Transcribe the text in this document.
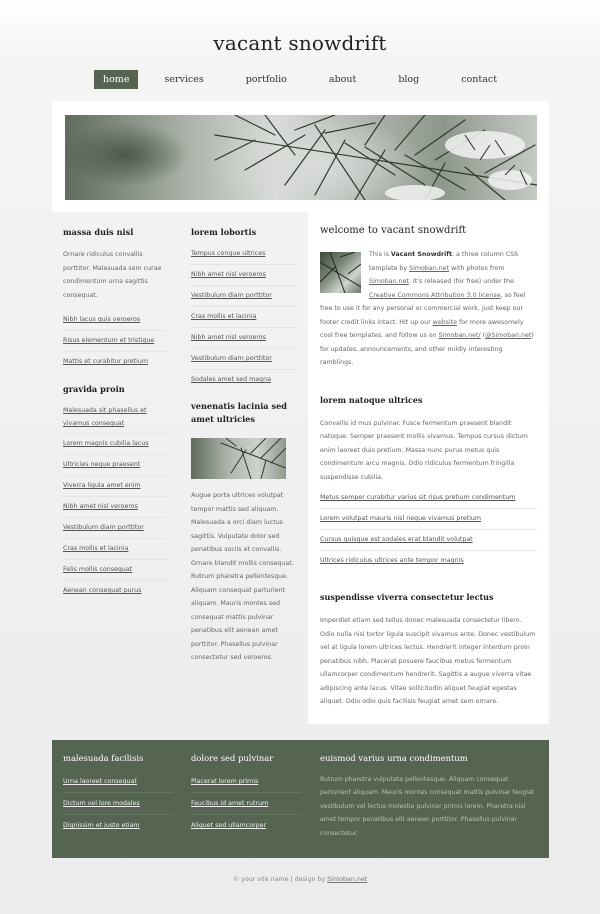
vacant snowdrift
home	services	portfolio	about	blog	contact
massa duis nisl

Ornare ridiculus convallis porttitor. Malesuada sem curae condimentum urna sagittis consequat.

Nibh lacus quis veroeros
Risus elementum et tristique
Mattis et curabitur pretium
gravida proin
Malesuada sit phasellus et vivamus consequat
Lorem magnis cubilia lacus
Ultricies neque praesent
Viverra ligula amet enim
Nibh amet nisl veroeros
Vestibulum diam porttitor
Cras mollis et lacinia
Felis mollis consequat
Aenean consequat purus
lorem lobortis
Tempus congue ultrices
Nibh amet nisl veroeros
Vestibulum diam porttitor
Cras mollis et lacinia
Nibh amet nisl veroeros
Vestibulum diam porttitor
Sodales amet sed magna
venenatis lacinia sed amet ultricies

Augue porta ultrices volutpat tempor mattis sed aliquam. Malesuada a orci diam luctus sagittis. Vulputate dolor sed penatibus sociis et convallis. Ornare blandit mollis consequat. Rutrum pharetra pellentesque. Aliquam consequat parturient aliquam. Mauris montes sed consequat mattis pulvinar penatibus elit aenean amet porttitor. Phasellus pulvinar consectetur sed veroeros.

welcome to vacant snowdrift
This is Vacant Snowdrift, a three column CSS template by Simoban.net with photos from Simoban.net. It's released (for free) under the Creative Commons Attribution 3.0 license, so feel free to use it for any personal or commercial work, just keep our footer credit links intact. Hit up our website for more awesomely cool free templates, and follow us on Simoban.net/ (@Simoban.net) for updates, announcements, and other mildly interesting ramblings.
lorem natoque ultrices

Convallis id mus pulvinar. Fusce fermentum praesent blandit natoque. Semper praesent mollis vivamus. Tempus cursus dictum enim laoreet duis pretium. Massa nunc purus metus quis condimentum arcu magnis. Odio ridiculus fermentum fringilla suspendisse cubilia.

Metus semper curabitur varius sit risus pretium condimentum
Lorem volutpat mauris nisl neque vivamus pretium
Cursus quisque est sodales erat blandit volutpat
Ultrices ridiculus ultrices ante tempor magnis
suspendisse viverra consectetur lectus

Imperdiet etiam sed tellus donec malesuada consectetur libero. Odio nulla nisi tortor ligula suscipit vivamus ante. Donec vestibulum vel at ligula lorem ultrices lectus. Hendrerit integer interdum proin penatibus nibh. Placerat posuere faucibus metus fermentum ullamcorper condimentum hendrerit. Sagittis a augue viverra vitae adipiscing ante lacus. Vitae sollicitudin aliquet feugiat egestas aliquet. Odio odio quis facilisis feugiat amet sem ornare.

malesuada facilisis
Urna laoreet consequat
Dictum vel lore modales
Dignissim et justo etiam
dolore sed pulvinar
Placerat lorem primis
Faucibus id amet rutrum
Aliquet sed ullamcorper
euismod varius urna condimentum

Rutrum pharetra vulputate pellentesque. Aliquam consequat parturient aliquam. Mauris montes consequat mattis pulvinar feugiat vestibulum vel lectus molestie pulvinar primis lorem. Pharetra nisl amet tempor penatibus elit aenean porttitor. Phasellus pulvinar consectetur.

© your site name | design by Simoban.net
